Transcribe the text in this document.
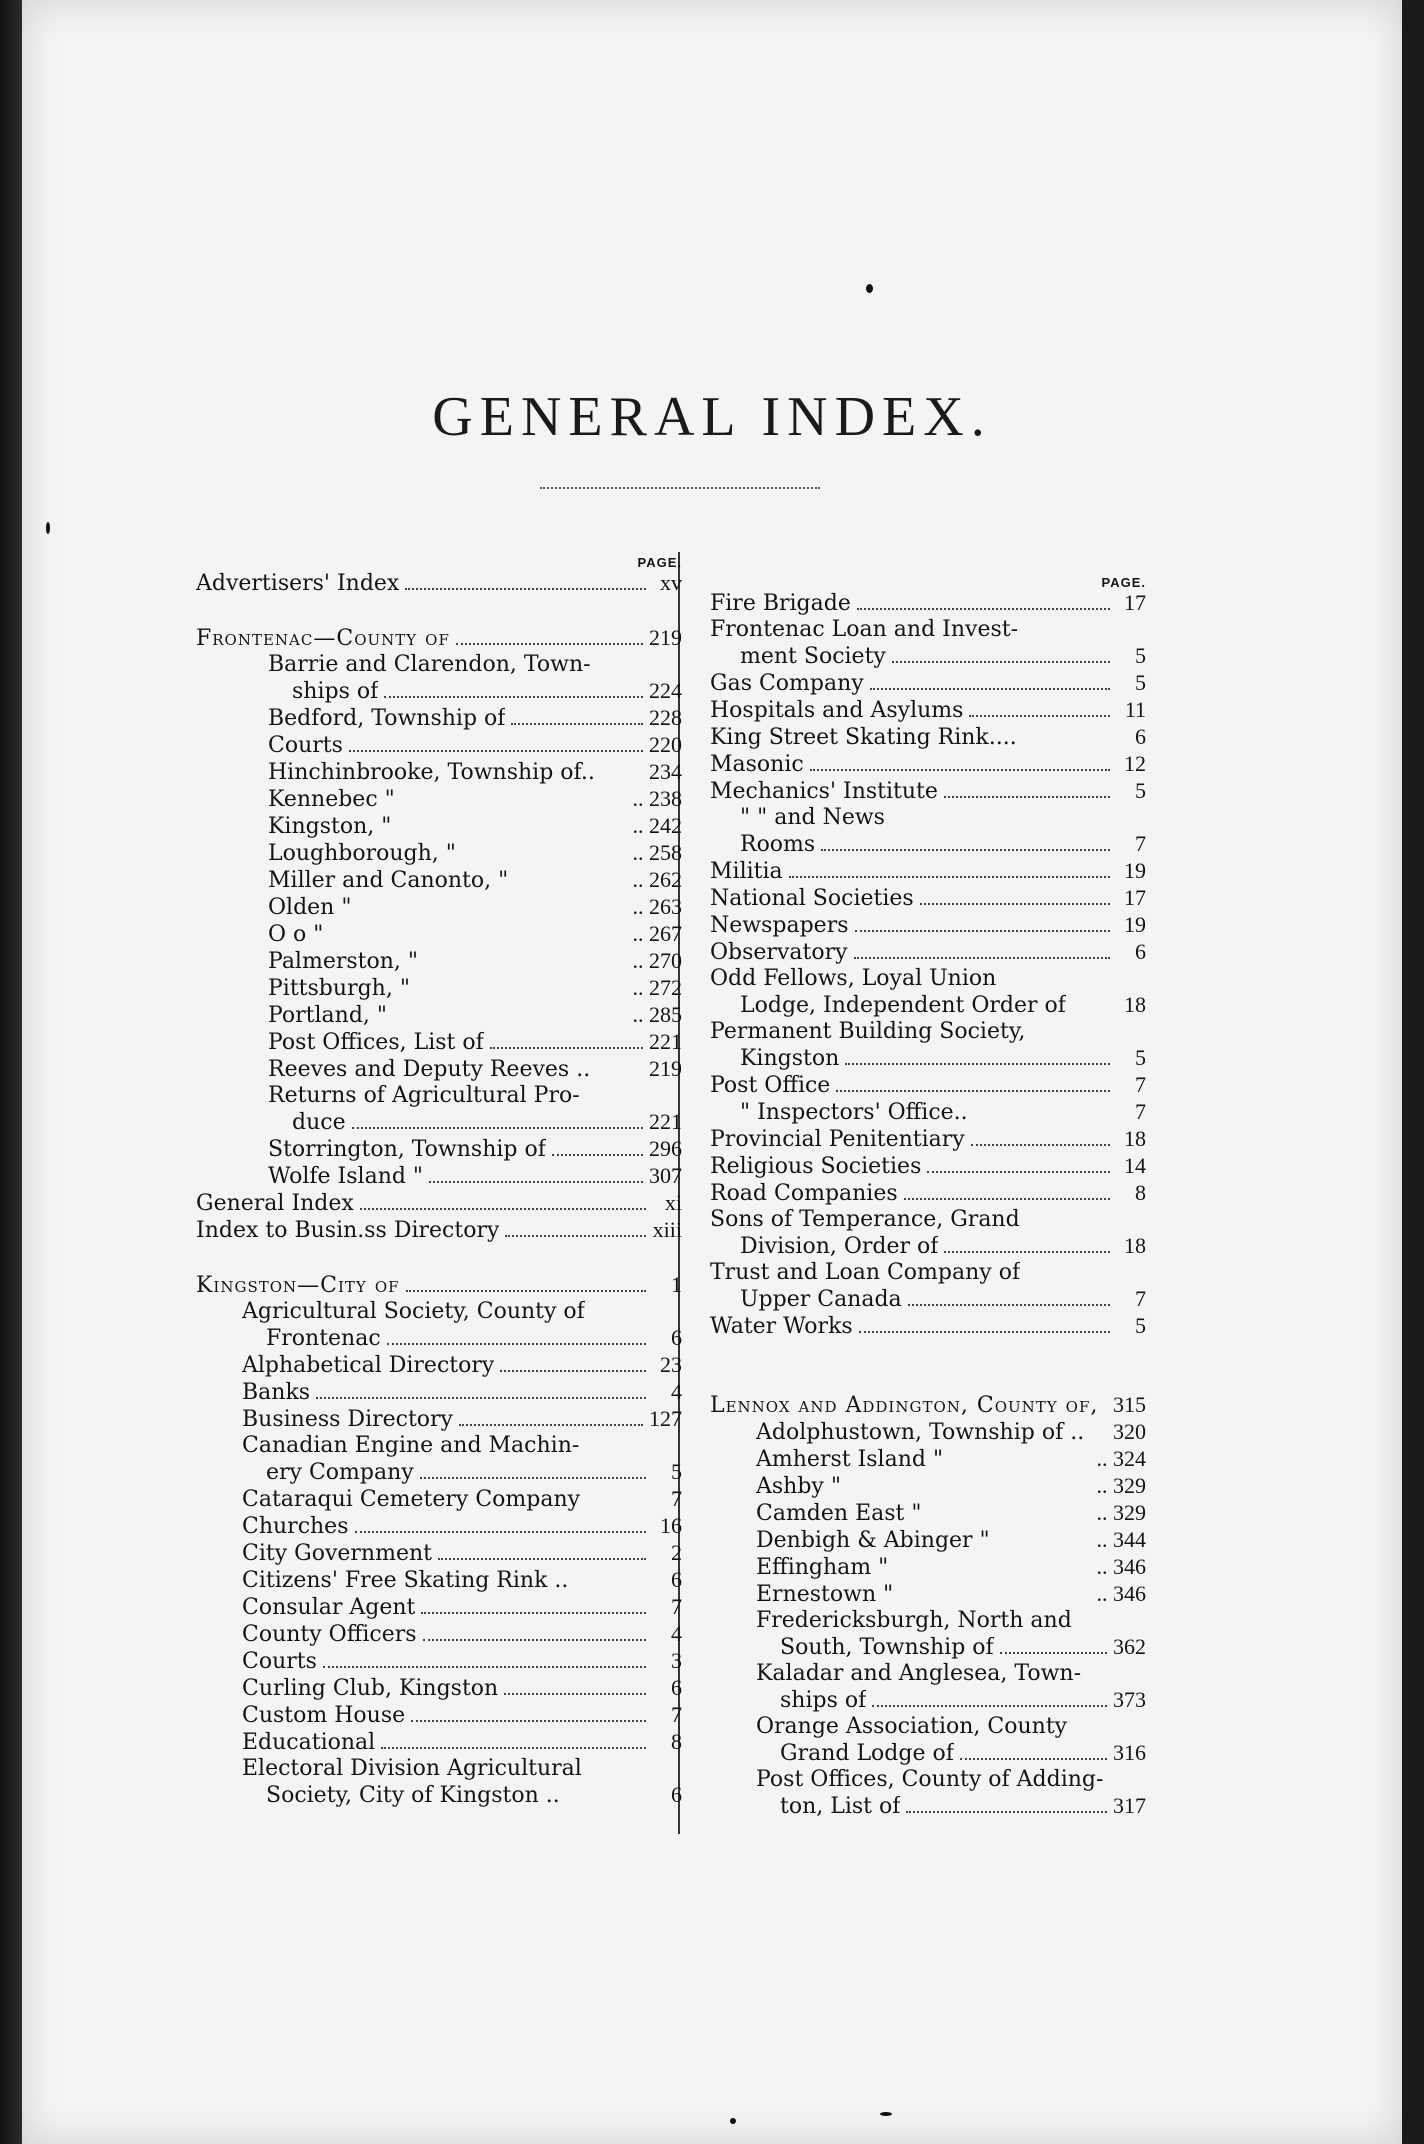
GENERAL INDEX.
PAGE.
Advertisers' Index	xv
Frontenac—County of	219
Barrie and Clarendon, Town-
ships of	224
Bedford, Township of	228
Courts	220
Hinchinbrooke, Township of.. 234
Kennebec "	.. 238
Kingston, "	.. 242
Loughborough, "	.. 258
Miller and Canonto, "	.. 262
Olden "	.. 263
O o "	.. 267
Palmerston, "	.. 270
Pittsburgh, "	.. 272
Portland, "	.. 285
Post Offices, List of	221
Reeves and Deputy Reeves ..	219
Returns of Agricultural Pro-
duce	221
Storrington, Township of	296
Wolfe Island "	307
General Index	xi
Index to Busin.ss Directory	xiii
Kingston—City of	1
Agricultural Society, County of
Frontenac	6
Alphabetical Directory	23
Banks	4
Business Directory	127
Canadian Engine and Machin-
ery Company	5
Cataraqui Cemetery Company	7
Churches	16
City Government	2
Citizens' Free Skating Rink ..	6
Consular Agent	7
County Officers	4
Courts	3
Curling Club, Kingston	6
Custom House	7
Educational	8
Electoral Division Agricultural
Society, City of Kingston ..	6
PAGE.
Fire Brigade	17
Frontenac Loan and Invest-
ment Society	5
Gas Company	5
Hospitals and Asylums	11
King Street Skating Rink....	6
Masonic	12
Mechanics' Institute	5
" " and News
Rooms	7
Militia	19
National Societies	17
Newspapers	19
Observatory	6
Odd Fellows, Loyal Union
Lodge, Independent Order of	18
Permanent Building Society,
Kingston	5
Post Office	7
" Inspectors' Office..	7
Provincial Penitentiary	18
Religious Societies	14
Road Companies	8
Sons of Temperance, Grand
Division, Order of	18
Trust and Loan Company of
Upper Canada	7
Water Works	5
Lennox and Addington, County of, 315
Adolphustown, Township of .. 320
Amherst Island "	.. 324
Ashby "	.. 329
Camden East "	.. 329
Denbigh & Abinger "	.. 344
Effingham "	.. 346
Ernestown "	.. 346
Fredericksburgh, North and
South, Township of	362
Kaladar and Anglesea, Town-
ships of	373
Orange Association, County
Grand Lodge of	316
Post Offices, County of Adding-
ton, List of	317
